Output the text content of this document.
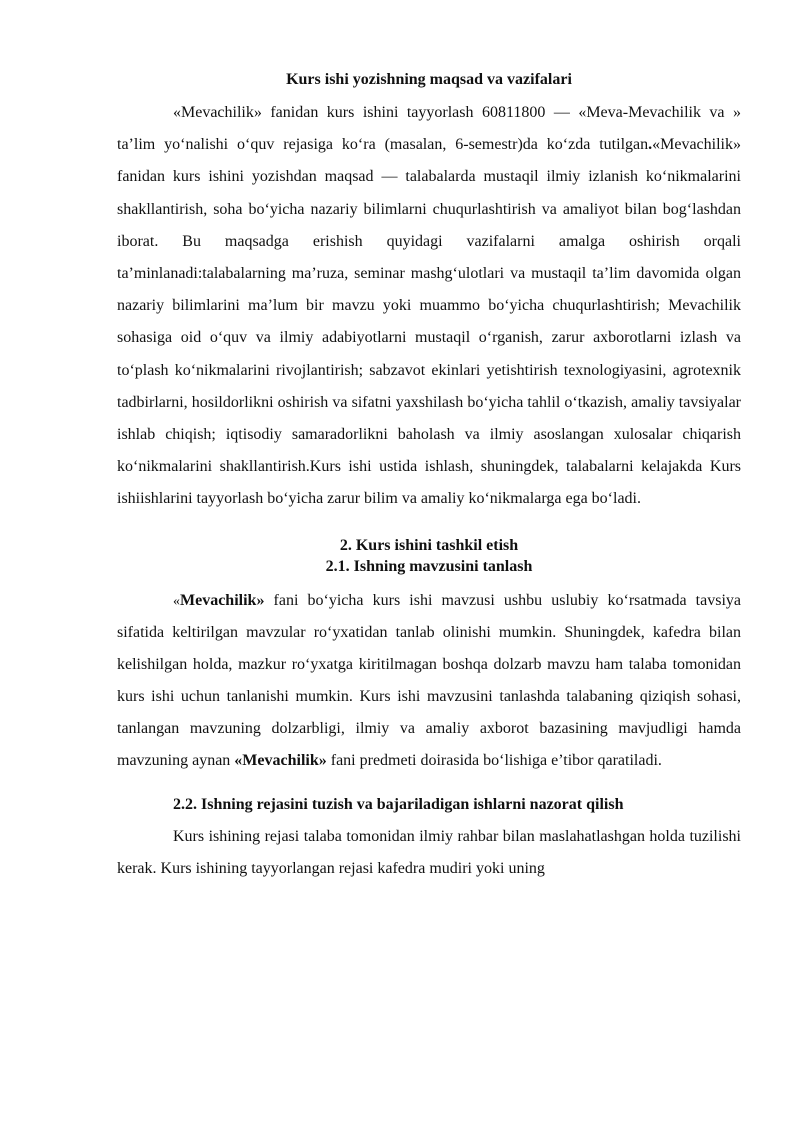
Kurs ishi yozishning maqsad va vazifalari

«Mevachilik» fanidan kurs ishini tayyorlash 60811800 — «Meva-Mevachilik va » ta’lim yo‘nalishi o‘quv rejasiga ko‘ra (masalan, 6-semestr)da ko‘zda tutilgan.«Mevachilik» fanidan kurs ishini yozishdan maqsad — talabalarda mustaqil ilmiy izlanish ko‘nikmalarini shakllantirish, soha bo‘yicha nazariy bilimlarni chuqurlashtirish va amaliyot bilan bog‘lashdan iborat. Bu maqsadga erishish quyidagi vazifalarni amalga oshirish orqali ta’minlanadi:talabalarning ma’ruza, seminar mashg‘ulotlari va mustaqil ta’lim davomida olgan nazariy bilimlarini ma’lum bir mavzu yoki muammo bo‘yicha chuqurlashtirish; Mevachilik sohasiga oid o‘quv va ilmiy adabiyotlarni mustaqil o‘rganish, zarur axborotlarni izlash va to‘plash ko‘nikmalarini rivojlantirish; sabzavot ekinlari yetishtirish texnologiyasini, agrotexnik tadbirlarni, hosildorlikni oshirish va sifatni yaxshilash bo‘yicha tahlil o‘tkazish, amaliy tavsiyalar ishlab chiqish; iqtisodiy samaradorlikni baholash va ilmiy asoslangan xulosalar chiqarish ko‘nikmalarini shakllantirish.Kurs ishi ustida ishlash, shuningdek, talabalarni kelajakda Kurs ishiishlarini tayyorlash bo‘yicha zarur bilim va amaliy ko‘nikmalarga ega bo‘ladi.

2. Kurs ishini tashkil etish
2.1. Ishning mavzusini tanlash

«Mevachilik» fani bo‘yicha kurs ishi mavzusi ushbu uslubiy ko‘rsatmada tavsiya sifatida keltirilgan mavzular ro‘yxatidan tanlab olinishi mumkin. Shuningdek, kafedra bilan kelishilgan holda, mazkur ro‘yxatga kiritilmagan boshqa dolzarb mavzu ham talaba tomonidan kurs ishi uchun tanlanishi mumkin. Kurs ishi mavzusini tanlashda talabaning qiziqish sohasi, tanlangan mavzuning dolzarbligi, ilmiy va amaliy axborot bazasining mavjudligi hamda mavzuning aynan «Mevachilik» fani predmeti doirasida bo‘lishiga e’tibor qaratiladi.

2.2. Ishning rejasini tuzish va bajariladigan ishlarni nazorat qilish

Kurs ishining rejasi talaba tomonidan ilmiy rahbar bilan maslahatlashgan holda tuzilishi kerak. Kurs ishining tayyorlangan rejasi kafedra mudiri yoki uning
